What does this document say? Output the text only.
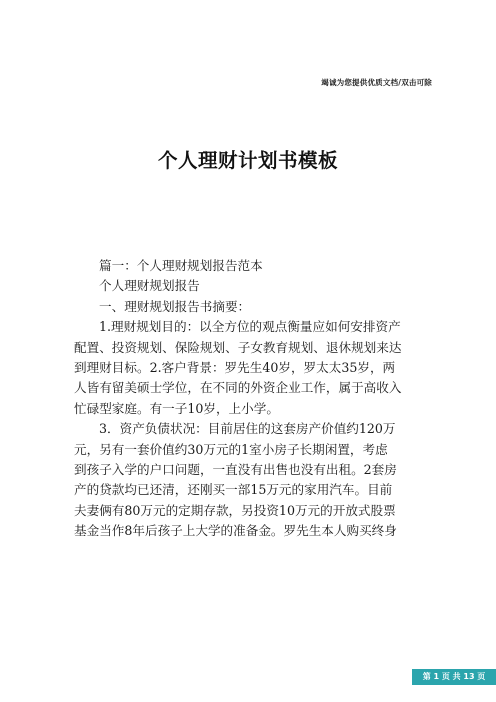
竭诚为您提供优质文档/双击可除
个人理财计划书模板
篇一：个人理财规划报告范本
个人理财规划报告
一、理财规划报告书摘要：
1.理财规划目的：以全方位的观点衡量应如何安排资产
配置、投资规划、保险规划、子女教育规划、退休规划来达
到理财目标。2.客户背景：罗先生40岁，罗太太35岁，两
人皆有留美硕士学位，在不同的外资企业工作，属于高收入
忙碌型家庭。有一子10岁，上小学。
3．资产负债状况：目前居住的这套房产价值约120万
元，另有一套价值约30万元的1室小房子长期闲置，考虑
到孩子入学的户口问题，一直没有出售也没有出租。2套房
产的贷款均已还清，还刚买一部15万元的家用汽车。目前
夫妻俩有80万元的定期存款，另投资10万元的开放式股票
基金当作8年后孩子上大学的准备金。罗先生本人购买终身
第 1 页 共 13 页
